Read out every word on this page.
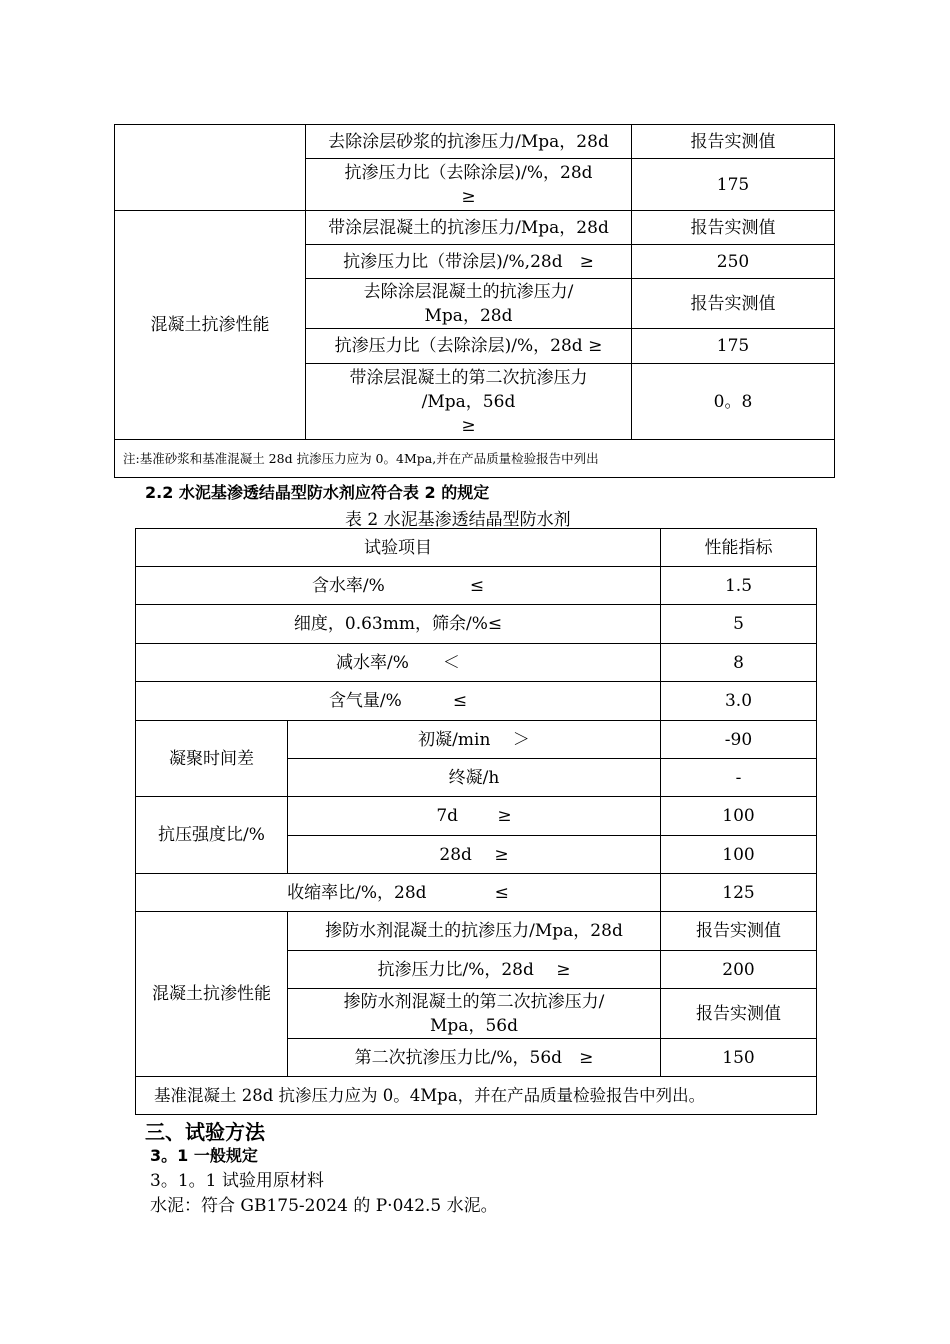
	去除涂层砂浆的抗渗压力/Mpa，28d	报告实测值
	抗渗压力比（去除涂层)/%，28d
≥	175
混凝土抗渗性能	带涂层混凝土的抗渗压力/Mpa，28d	报告实测值
	抗渗压力比（带涂层)/%,28d　≥	250
	去除涂层混凝土的抗渗压力/
Mpa，28d	报告实测值
	抗渗压力比（去除涂层)/%，28d ≥	175
	带涂层混凝土的第二次抗渗压力
/Mpa，56d
≥	0。8
注:基准砂浆和基准混凝土 28d 抗渗压力应为 0。4Mpa,并在产品质量检验报告中列出		

2.2 水泥基渗透结晶型防水剂应符合表 2 的规定

表 2 水泥基渗透结晶型防水剂

试验项目		性能指标
含水率/%　　　　　≤		1.5
细度，0.63mm，筛余/%≤		5
减水率/%　　＜		8
含气量/%　　　≤		3.0
凝聚时间差	初凝/min　 ＞	-90
	终凝/h	-
抗压强度比/%	7d　　 ≥	100
	28d　 ≥	100
收缩率比/%，28d　　　　≤		125
混凝土抗渗性能	掺防水剂混凝土的抗渗压力/Mpa，28d	报告实测值
	抗渗压力比/%，28d　 ≥	200
	掺防水剂混凝土的第二次抗渗压力/
Mpa，56d	报告实测值
	第二次抗渗压力比/%，56d　≥	150
基准混凝土 28d 抗渗压力应为 0。4Mpa，并在产品质量检验报告中列出。		

三、试验方法

3。1 一般规定

3。1。1 试验用原材料

水泥：符合 GB175-2024 的 P·042.5 水泥。
